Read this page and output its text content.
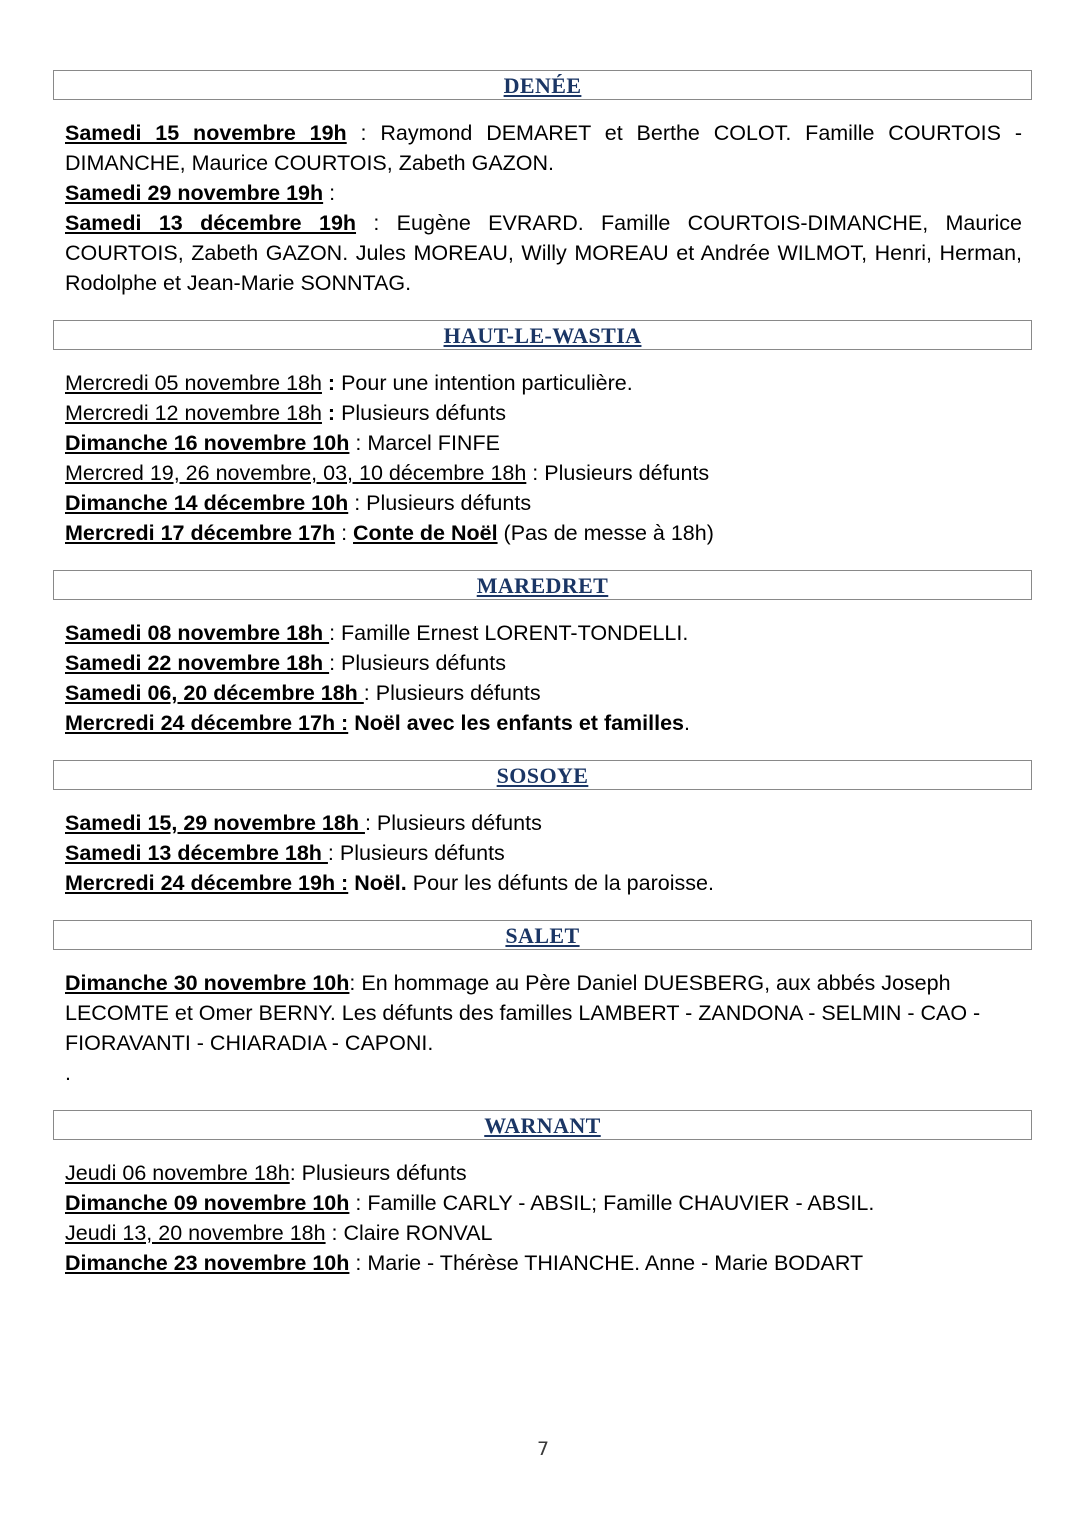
DENÉE

Samedi 15 novembre 19h : Raymond DEMARET et Berthe COLOT. Famille COURTOIS - DIMANCHE, Maurice COURTOIS, Zabeth GAZON.

Samedi 29 novembre 19h :

Samedi 13 décembre 19h : Eugène EVRARD. Famille COURTOIS-DIMANCHE, Maurice COURTOIS, Zabeth GAZON. Jules MOREAU, Willy MOREAU et Andrée WILMOT, Henri, Herman, Rodolphe et Jean-Marie SONNTAG.

HAUT-LE-WASTIA

Mercredi 05 novembre 18h : Pour une intention particulière.

Mercredi 12 novembre 18h : Plusieurs défunts

Dimanche 16 novembre 10h : Marcel FINFE

Mercred 19, 26 novembre, 03, 10 décembre 18h : Plusieurs défunts

Dimanche 14 décembre 10h : Plusieurs défunts

Mercredi 17 décembre 17h : Conte de Noël (Pas de messe à 18h)

MAREDRET

Samedi 08 novembre 18h : Famille Ernest LORENT-TONDELLI.

Samedi 22 novembre 18h : Plusieurs défunts

Samedi 06, 20 décembre 18h : Plusieurs défunts

Mercredi 24 décembre 17h : Noël avec les enfants et familles.

SOSOYE

Samedi 15, 29 novembre 18h : Plusieurs défunts

Samedi 13 décembre 18h : Plusieurs défunts

Mercredi 24 décembre 19h : Noël. Pour les défunts de la paroisse.

SALET

Dimanche 30 novembre 10h: En hommage au Père Daniel DUESBERG, aux abbés Joseph LECOMTE et Omer BERNY. Les défunts des familles LAMBERT - ZANDONA - SELMIN - CAO - FIORAVANTI - CHIARADIA - CAPONI.

.

WARNANT

Jeudi 06 novembre 18h: Plusieurs défunts

Dimanche 09 novembre 10h : Famille CARLY - ABSIL; Famille CHAUVIER - ABSIL.

Jeudi 13, 20 novembre 18h : Claire RONVAL

Dimanche 23 novembre 10h : Marie - Thérèse THIANCHE. Anne - Marie BODART

7
